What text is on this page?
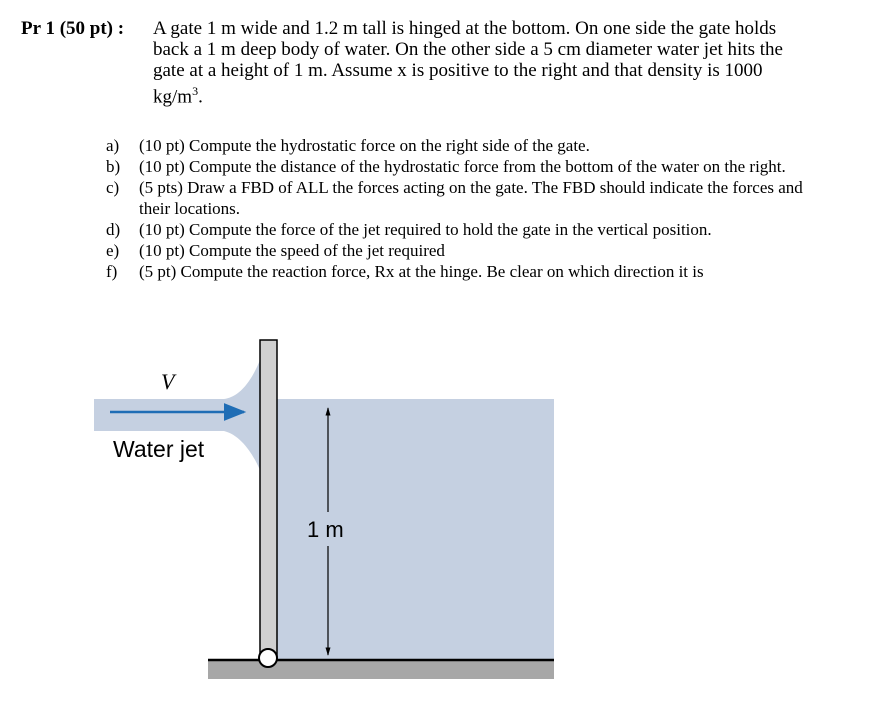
Pr 1 (50 pt) : A gate 1 m wide and 1.2 m tall is hinged at the bottom. On one side the gate holds back a 1 m deep body of water. On the other side a 5 cm diameter water jet hits the gate at a height of 1 m. Assume x is positive to the right and that density is 1000 $kg/m^3$.
a) (10 pt) Compute the hydrostatic force on the right side of the gate.
b) (10 pt) Compute the distance of the hydrostatic force from the bottom of the water on the right.
c) (5 pts) Draw a FBD of ALL the forces acting on the gate. The FBD should indicate the forces and their locations.
d) (10 pt) Compute the force of the jet required to hold the gate in the vertical position.
e) (10 pt) Compute the speed of the jet required
f) (5 pt) Compute the reaction force, Rx at the hinge. Be clear on which direction it is
V
Water jet
1 m
